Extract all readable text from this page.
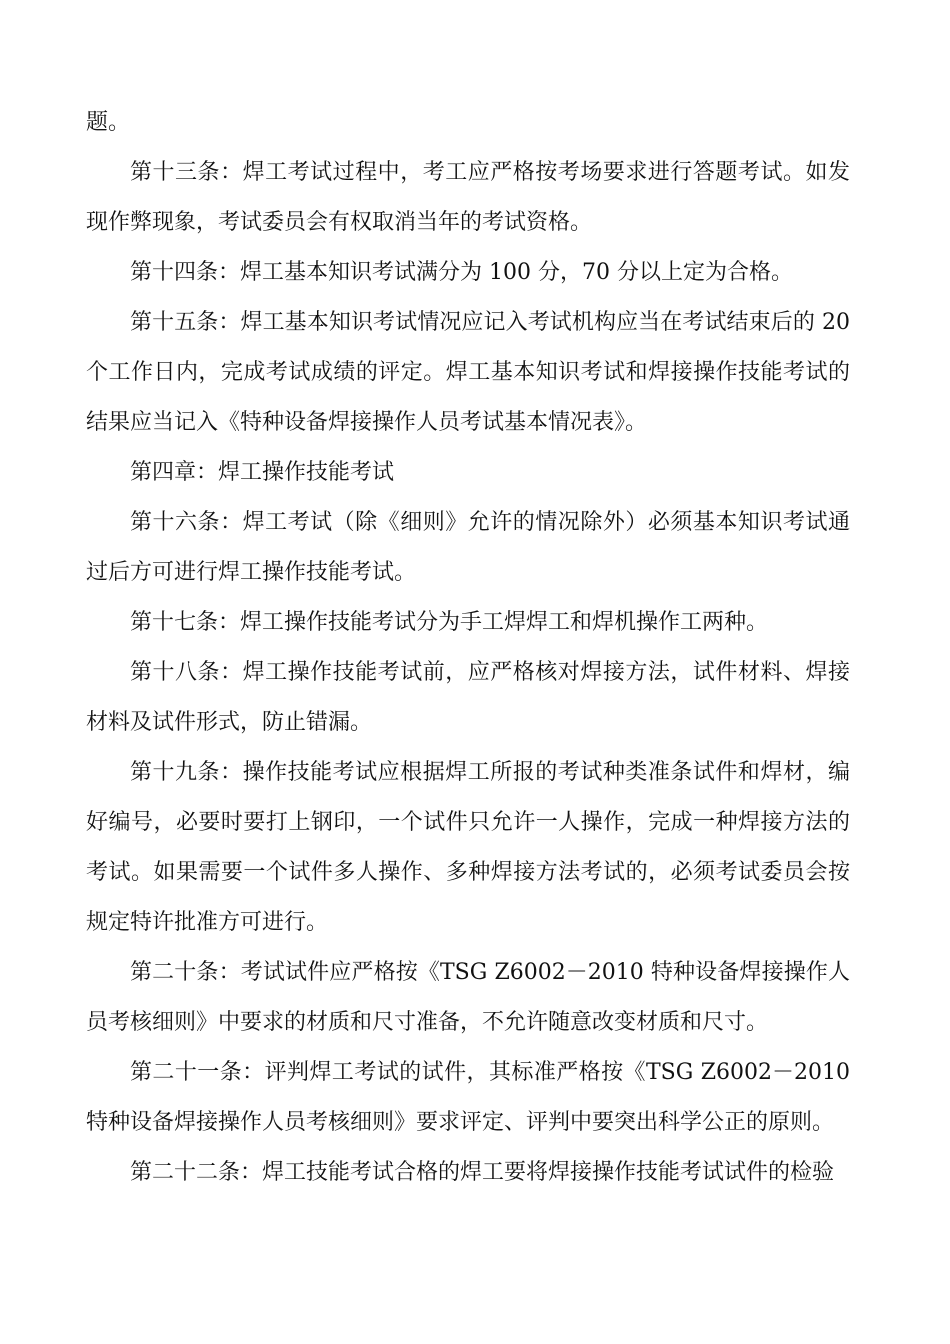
题。

第十三条：焊工考试过程中，考工应严格按考场要求进行答题考试。如发现作弊现象，考试委员会有权取消当年的考试资格。

第十四条：焊工基本知识考试满分为 100 分，70 分以上定为合格。

第十五条：焊工基本知识考试情况应记入考试机构应当在考试结束后的 20 个工作日内，完成考试成绩的评定。焊工基本知识考试和焊接操作技能考试的结果应当记入《特种设备焊接操作人员考试基本情况表》。

第四章：焊工操作技能考试

第十六条：焊工考试（除《细则》允许的情况除外）必须基本知识考试通过后方可进行焊工操作技能考试。

第十七条：焊工操作技能考试分为手工焊焊工和焊机操作工两种。

第十八条：焊工操作技能考试前，应严格核对焊接方法，试件材料、焊接材料及试件形式，防止错漏。

第十九条：操作技能考试应根据焊工所报的考试种类准条试件和焊材，编好编号，必要时要打上钢印，一个试件只允许一人操作，完成一种焊接方法的考试。如果需要一个试件多人操作、多种焊接方法考试的，必须考试委员会按规定特许批准方可进行。

第二十条：考试试件应严格按《TSG Z6002－2010 特种设备焊接操作人员考核细则》中要求的材质和尺寸准备，不允许随意改变材质和尺寸。

第二十一条：评判焊工考试的试件，其标准严格按《TSG Z6002－2010 特种设备焊接操作人员考核细则》要求评定、评判中要突出科学公正的原则。

第二十二条：焊工技能考试合格的焊工要将焊接操作技能考试试件的检验
